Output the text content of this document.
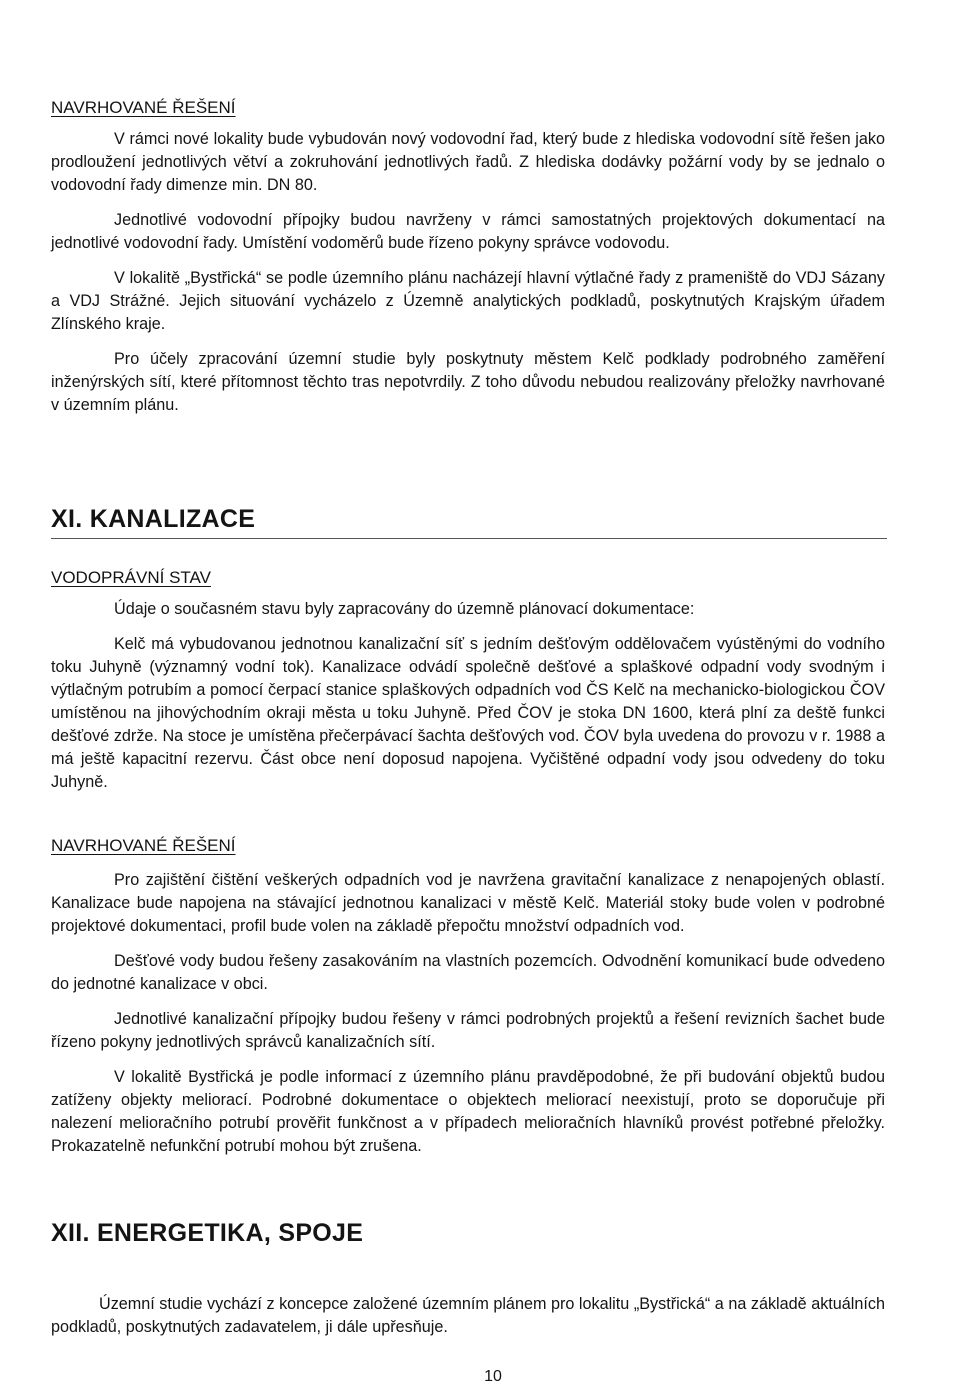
NAVRHOVANÉ ŘEŠENÍ

V rámci nové lokality bude vybudován nový vodovodní řad, který bude z hlediska vodovodní sítě řešen jako prodloužení jednotlivých větví a zokruhování jednotlivých řadů. Z hlediska dodávky požární vody by se jednalo o vodovodní řady dimenze min. DN 80.

Jednotlivé vodovodní přípojky budou navrženy v rámci samostatných projektových dokumentací na jednotlivé vodovodní řady. Umístění vodoměrů bude řízeno pokyny správce vodovodu.

V lokalitě „Bystřická“ se podle územního plánu nacházejí hlavní výtlačné řady z prameniště do VDJ Sázany a VDJ Strážné. Jejich situování vycházelo z Územně analytických podkladů, poskytnutých Krajským úřadem Zlínského kraje.

Pro účely zpracování územní studie byly poskytnuty městem Kelč podklady podrobného zaměření inženýrských sítí, které přítomnost těchto tras nepotvrdily. Z toho důvodu nebudou realizovány přeložky navrhované v územním plánu.

XI. KANALIZACE
VODOPRÁVNÍ STAV

Údaje o současném stavu byly zapracovány do územně plánovací dokumentace:

Kelč má vybudovanou jednotnou kanalizační síť s jedním dešťovým oddělovačem vyústěnými do vodního toku Juhyně (významný vodní tok). Kanalizace odvádí společně dešťové a splaškové odpadní vody svodným i výtlačným potrubím a pomocí čerpací stanice splaškových odpadních vod ČS Kelč na mechanicko-biologickou ČOV umístěnou na jihovýchodním okraji města u toku Juhyně. Před ČOV je stoka DN 1600, která plní za deště funkci dešťové zdrže. Na stoce je umístěna přečerpávací šachta dešťových vod. ČOV byla uvedena do provozu v r. 1988 a má ještě kapacitní rezervu. Část obce není doposud napojena. Vyčištěné odpadní vody jsou odvedeny do toku Juhyně.

NAVRHOVANÉ ŘEŠENÍ

Pro zajištění čištění veškerých odpadních vod je navržena gravitační kanalizace z nenapojených oblastí. Kanalizace bude napojena na stávající jednotnou kanalizaci v městě Kelč. Materiál stoky bude volen v podrobné projektové dokumentaci, profil bude volen na základě přepočtu množství odpadních vod.

Dešťové vody budou řešeny zasakováním na vlastních pozemcích. Odvodnění komunikací bude odvedeno do jednotné kanalizace v obci.

Jednotlivé kanalizační přípojky budou řešeny v rámci podrobných projektů a řešení revizních šachet bude řízeno pokyny jednotlivých správců kanalizačních sítí.

V lokalitě Bystřická je podle informací z územního plánu pravděpodobné, že při budování objektů budou zatíženy objekty meliorací. Podrobné dokumentace o objektech meliorací neexistují, proto se doporučuje při nalezení melioračního potrubí prověřit funkčnost a v případech melioračních hlavníků provést potřebné přeložky. Prokazatelně nefunkční potrubí mohou být zrušena.

XII. ENERGETIKA, SPOJE

Územní studie vychází z koncepce založené územním plánem pro lokalitu „Bystřická“ a na základě aktuálních podkladů, poskytnutých zadavatelem, ji dále upřesňuje.

10
